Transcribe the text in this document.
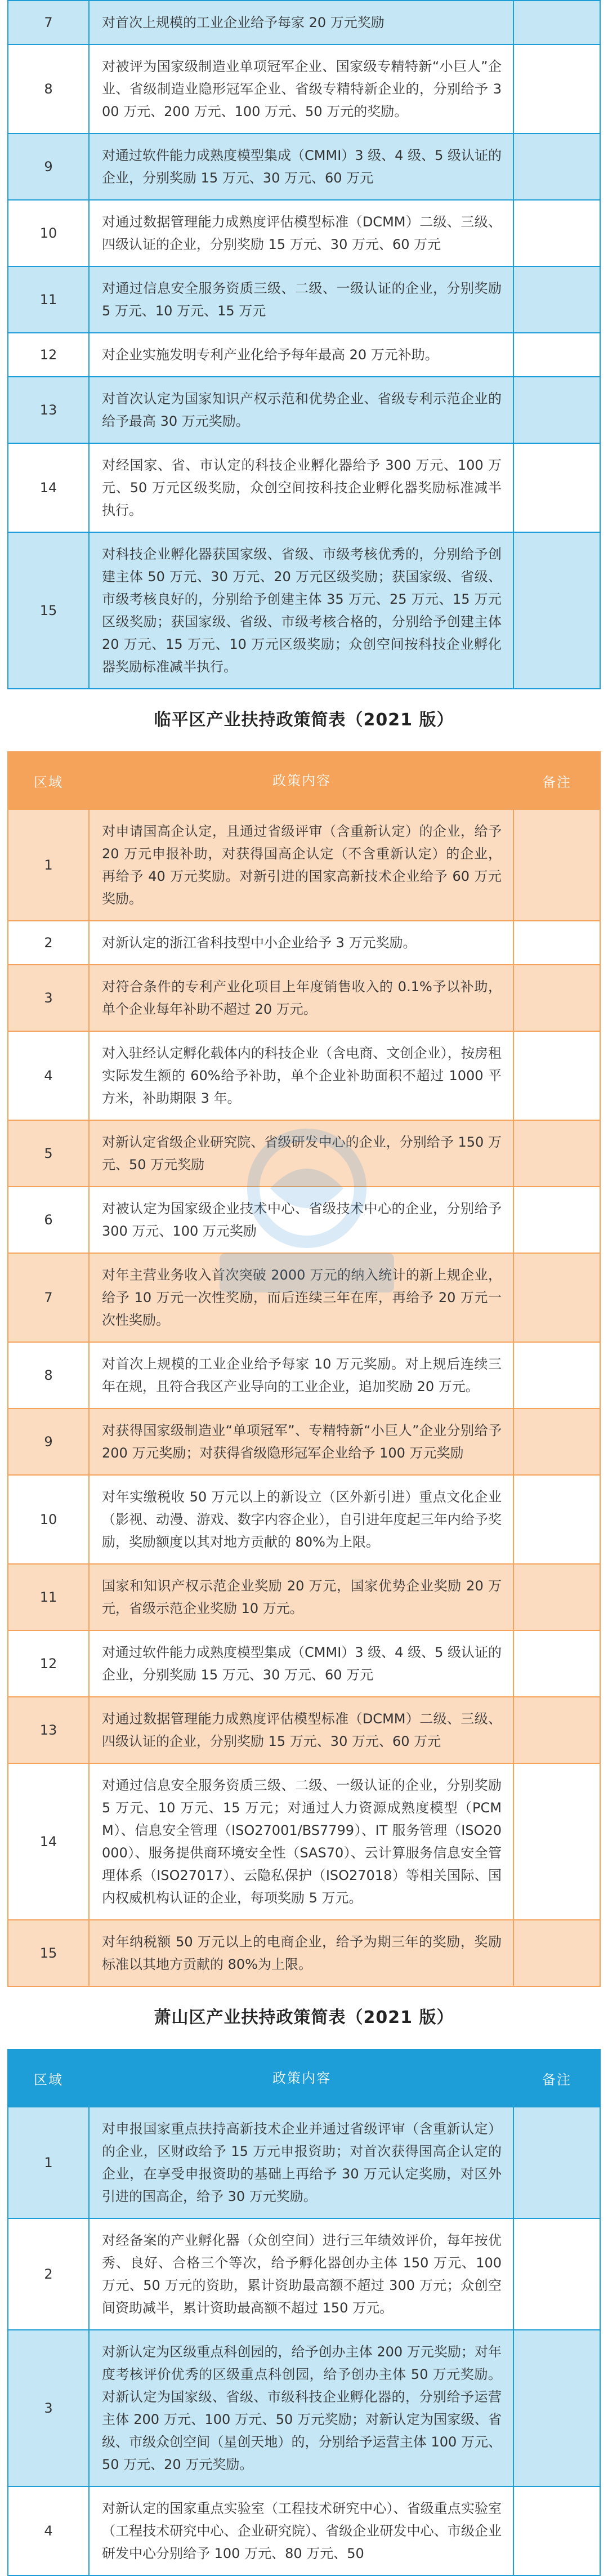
7	对首次上规模的工业企业给予每家 20 万元奖励	
8	对被评为国家级制造业单项冠军企业、国家级专精特新“小巨人”企业、省级制造业隐形冠军企业、省级专精特新企业的，分别给予 300 万元、200 万元、100 万元、50 万元的奖励。	
9	对通过软件能力成熟度模型集成（CMMI）3 级、4 级、5 级认证的企业，分别奖励 15 万元、30 万元、60 万元	
10	对通过数据管理能力成熟度评估模型标准（DCMM）二级、三级、四级认证的企业，分别奖励 15 万元、30 万元、60 万元	
11	对通过信息安全服务资质三级、二级、一级认证的企业，分别奖励 5 万元、10 万元、15 万元	
12	对企业实施发明专利产业化给予每年最高 20 万元补助。	
13	对首次认定为国家知识产权示范和优势企业、省级专利示范企业的给予最高 30 万元奖励。	
14	对经国家、省、市认定的科技企业孵化器给予 300 万元、100 万元、50 万元区级奖励，众创空间按科技企业孵化器奖励标准减半执行。	
15	对科技企业孵化器获国家级、省级、市级考核优秀的，分别给予创建主体 50 万元、30 万元、20 万元区级奖励；获国家级、省级、市级考核良好的，分别给予创建主体 35 万元、25 万元、15 万元区级奖励；获国家级、省级、市级考核合格的，分别给予创建主体 20 万元、15 万元、10 万元区级奖励；众创空间按科技企业孵化器奖励标准减半执行。	
临平区产业扶持政策简表（2021 版）
区域	政策内容	备注
1	对申请国高企认定，且通过省级评审（含重新认定）的企业，给予 20 万元申报补助，对获得国高企认定（不含重新认定）的企业，再给予 40 万元奖励。对新引进的国家高新技术企业给予 60 万元奖励。	
2	对新认定的浙江省科技型中小企业给予 3 万元奖励。	
3	对符合条件的专利产业化项目上年度销售收入的 0.1%予以补助，单个企业每年补助不超过 20 万元。	
4	对入驻经认定孵化载体内的科技企业（含电商、文创企业），按房租实际发生额的 60%给予补助，单个企业补助面积不超过 1000 平方米，补助期限 3 年。	
5	对新认定省级企业研究院、省级研发中心的企业，分别给予 150 万元、50 万元奖励	
6	对被认定为国家级企业技术中心、省级技术中心的企业，分别给予 300 万元、100 万元奖励	
7	对年主营业务收入首次突破 2000 万元的纳入统计的新上规企业，给予 10 万元一次性奖励，而后连续三年在库，再给予 20 万元一次性奖励。	
8	对首次上规模的工业企业给予每家 10 万元奖励。对上规后连续三年在规，且符合我区产业导向的工业企业，追加奖励 20 万元。	
9	对获得国家级制造业“单项冠军”、专精特新“小巨人”企业分别给予 200 万元奖励；对获得省级隐形冠军企业给予 100 万元奖励	
10	对年实缴税收 50 万元以上的新设立（区外新引进）重点文化企业（影视、动漫、游戏、数字内容企业），自引进年度起三年内给予奖励，奖励额度以其对地方贡献的 80%为上限。	
11	国家和知识产权示范企业奖励 20 万元，国家优势企业奖励 20 万元，省级示范企业奖励 10 万元。	
12	对通过软件能力成熟度模型集成（CMMI）3 级、4 级、5 级认证的企业，分别奖励 15 万元、30 万元、60 万元	
13	对通过数据管理能力成熟度评估模型标准（DCMM）二级、三级、四级认证的企业，分别奖励 15 万元、30 万元、60 万元	
14	对通过信息安全服务资质三级、二级、一级认证的企业，分别奖励 5 万元、10 万元、15 万元；对通过人力资源成熟度模型（PCMM）、信息安全管理（ISO27001/BS7799）、IT 服务管理（ISO20000）、服务提供商环境安全性（SAS70）、云计算服务信息安全管理体系（ISO27017）、云隐私保护（ISO27018）等相关国际、国内权威机构认证的企业，每项奖励 5 万元。	
15	对年纳税额 50 万元以上的电商企业，给予为期三年的奖励，奖励标准以其地方贡献的 80%为上限。	
萧山区产业扶持政策简表（2021 版）
区域	政策内容	备注
1	对申报国家重点扶持高新技术企业并通过省级评审（含重新认定）的企业，区财政给予 15 万元申报资助；对首次获得国高企认定的企业，在享受申报资助的基础上再给予 30 万元认定奖励，对区外引进的国高企，给予 30 万元奖励。	
2	对经备案的产业孵化器（众创空间）进行三年绩效评价，每年按优秀、良好、合格三个等次，给予孵化器创办主体 150 万元、100 万元、50 万元的资助，累计资助最高额不超过 300 万元；众创空间资助减半，累计资助最高额不超过 150 万元。	
3	对新认定为区级重点科创园的，给予创办主体 200 万元奖励；对年度考核评价优秀的区级重点科创园，给予创办主体 50 万元奖励。对新认定为国家级、省级、市级科技企业孵化器的，分别给予运营主体 200 万元、100 万元、50 万元奖励；对新认定为国家级、省级、市级众创空间（星创天地）的，分别给予运营主体 100 万元、50 万元、20 万元奖励。	
4	对新认定的国家重点实验室（工程技术研究中心）、省级重点实验室（工程技术研究中心、企业研究院）、省级企业研发中心、市级企业研发中心分别给予 100 万元、80 万元、50	
